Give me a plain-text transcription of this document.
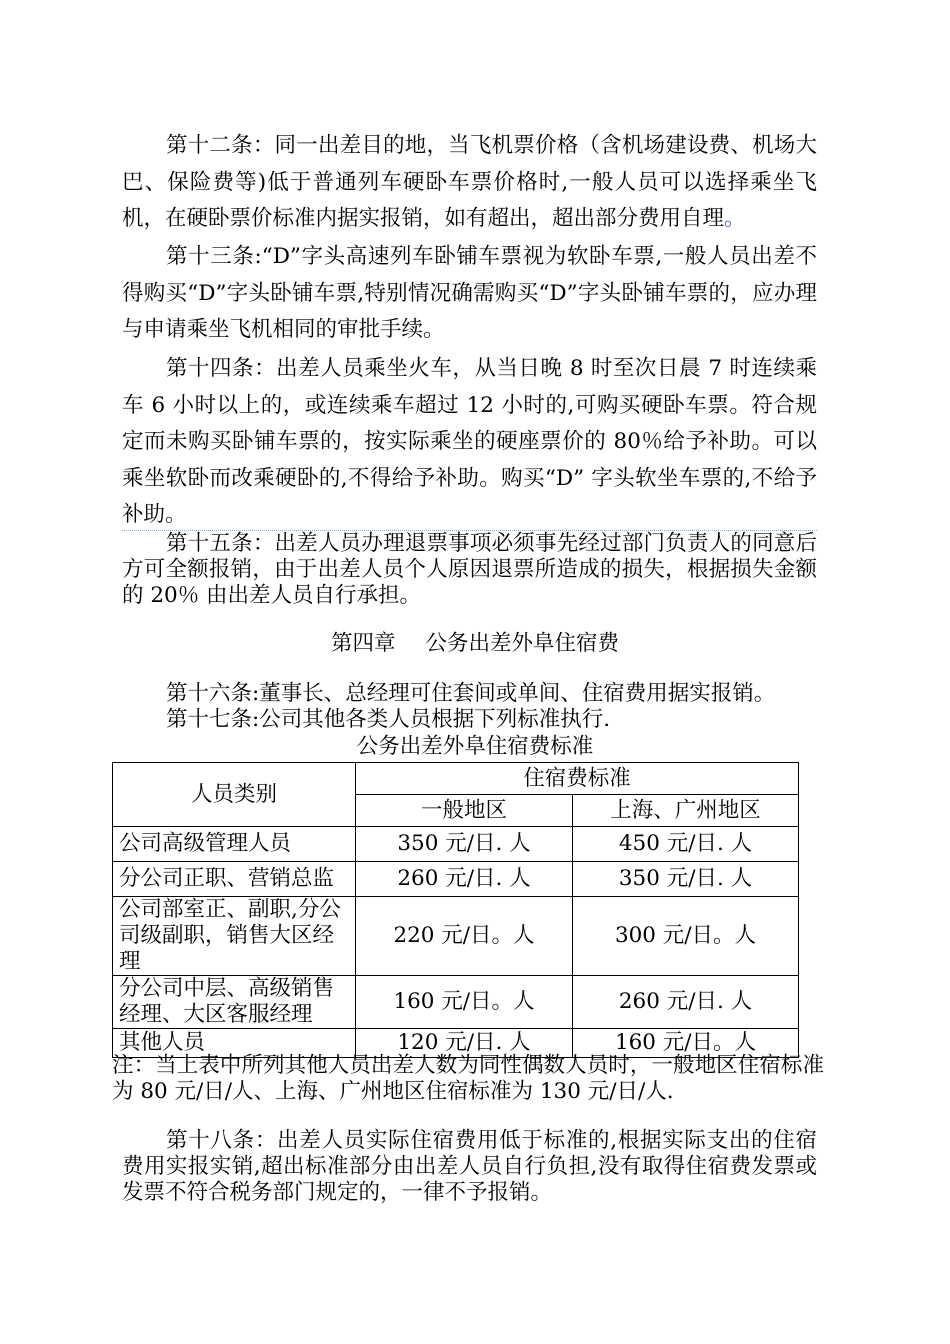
第十二条：同一出差目的地，当飞机票价格（含机场建设费、机场大巴、保险费等)低于普通列车硬卧车票价格时,一般人员可以选择乘坐飞机，在硬卧票价标准内据实报销，如有超出，超出部分费用自理。

第十三条:“D”字头高速列车卧铺车票视为软卧车票,一般人员出差不得购买“D”字头卧铺车票,特别情况确需购买“D”字头卧铺车票的，应办理与申请乘坐飞机相同的审批手续。

第十四条：出差人员乘坐火车，从当日晚 8 时至次日晨 7 时连续乘车 6 小时以上的，或连续乘车超过 12 小时的,可购买硬卧车票。符合规定而未购买卧铺车票的，按实际乘坐的硬座票价的 80％给予补助。可以乘坐软卧而改乘硬卧的,不得给予补助。购买“D” 字头软坐车票的,不给予补助。

第十五条：出差人员办理退票事项必须事先经过部门负责人的同意后方可全额报销，由于出差人员个人原因退票所造成的损失，根据损失金额的 20％ 由出差人员自行承担。

第四章 公务出差外阜住宿费

第十六条:董事长、总经理可住套间或单间、住宿费用据实报销。

第十七条:公司其他各类人员根据下列标准执行.

公务出差外阜住宿费标准

人员类别	住宿费标准	
	一般地区	上海、广州地区
公司高级管理人员	350 元/日. 人	450 元/日. 人
分公司正职、营销总监	260 元/日. 人	350 元/日. 人
公司部室正、副职,分公司级副职，销售大区经理	220 元/日。人	300 元/日。人
分公司中层、高级销售经理、大区客服经理	160 元/日。人	260 元/日. 人
其他人员	120 元/日. 人	160 元/日。人

注：当上表中所列其他人员出差人数为同性偶数人员时，一般地区住宿标准为 80 元/日/人、上海、广州地区住宿标准为 130 元/日/人.

第十八条：出差人员实际住宿费用低于标准的,根据实际支出的住宿费用实报实销,超出标准部分由出差人员自行负担,没有取得住宿费发票或发票不符合税务部门规定的，一律不予报销。
